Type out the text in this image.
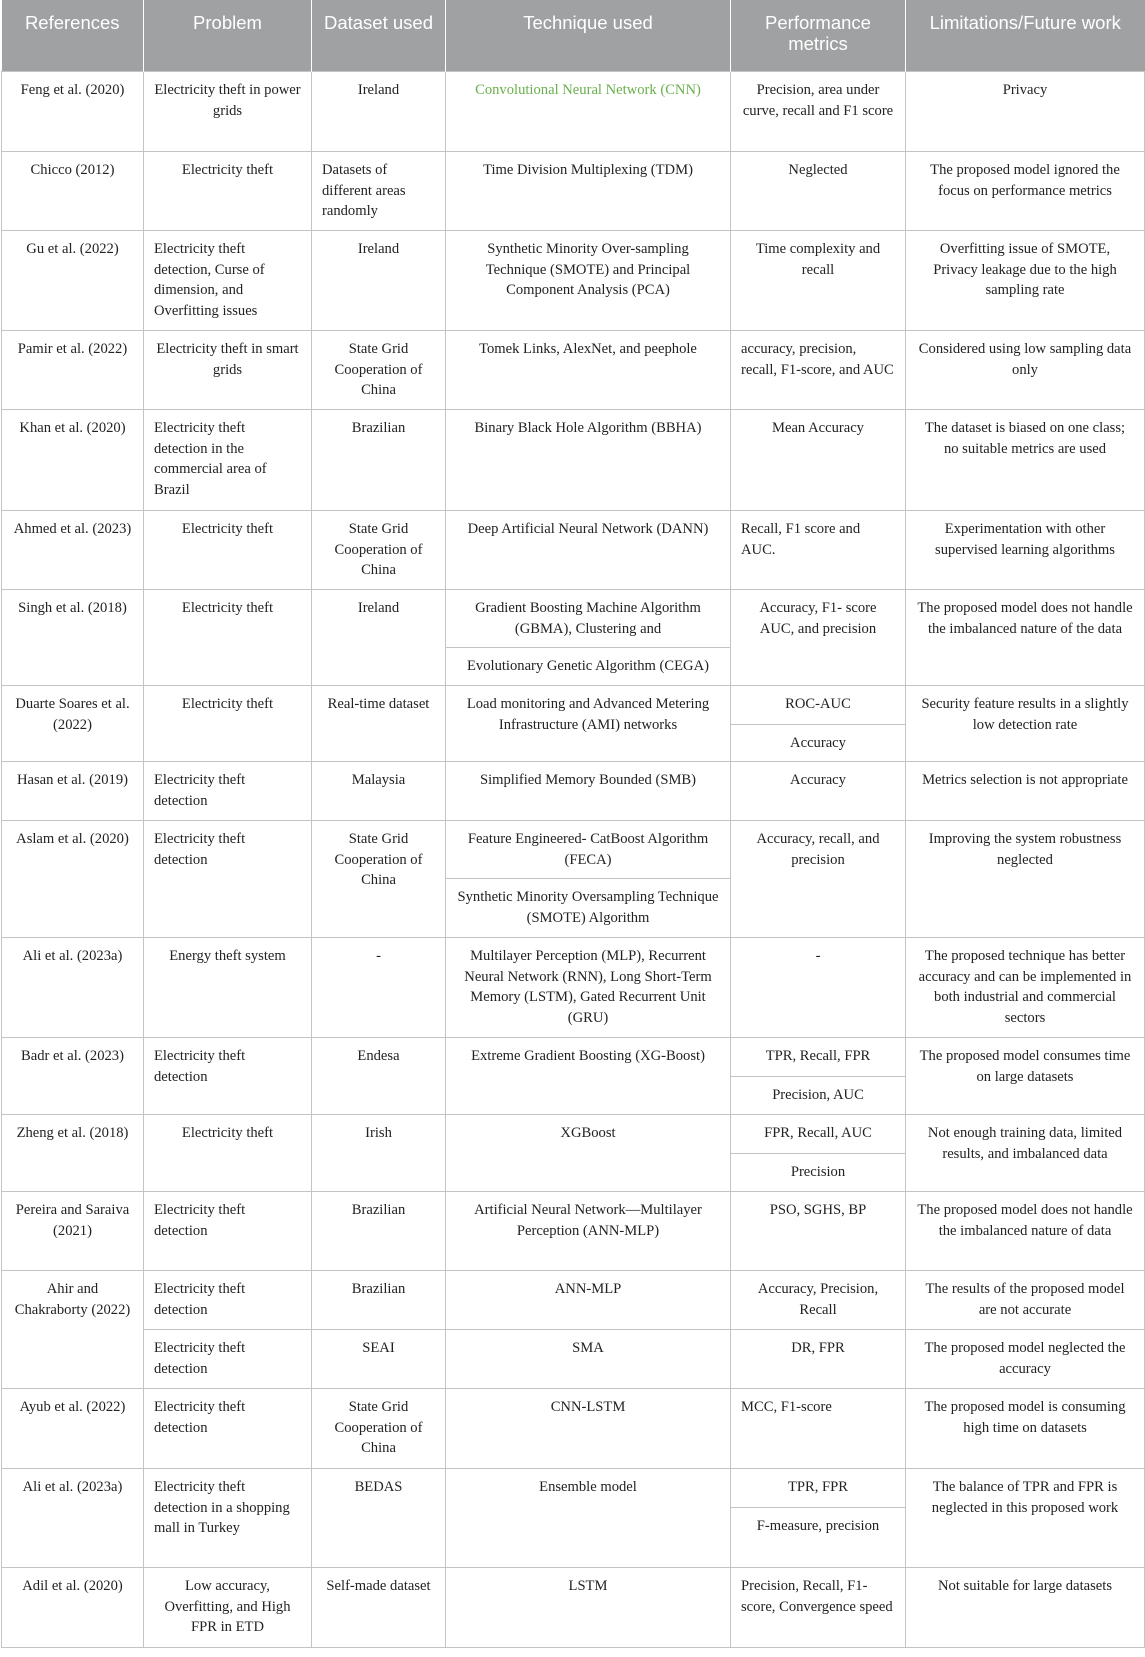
References	Problem	Dataset used	Technique used	Performance metrics	Limitations/Future work
Feng et al. (2020)	Electricity theft in power grids	Ireland	Convolutional Neural Network (CNN)	Precision, area under curve, recall and F1 score	Privacy
Chicco (2012)	Electricity theft	Datasets of different areas randomly	Time Division Multiplexing (TDM)	Neglected	The proposed model ignored the focus on performance metrics
Gu et al. (2022)	Electricity theft detection, Curse of dimension, and Overfitting issues	Ireland	Synthetic Minority Over-sampling Technique (SMOTE) and Principal Component Analysis (PCA)	Time complexity and recall	Overfitting issue of SMOTE, Privacy leakage due to the high sampling rate
Pamir et al. (2022)	Electricity theft in smart grids	State Grid Cooperation of China	Tomek Links, AlexNet, and peephole	accuracy, precision, recall, F1-score, and AUC	Considered using low sampling data only
Khan et al. (2020)	Electricity theft detection in the commercial area of Brazil	Brazilian	Binary Black Hole Algorithm (BBHA)	Mean Accuracy	The dataset is biased on one class; no suitable metrics are used
Ahmed et al. (2023)	Electricity theft	State Grid Cooperation of China	Deep Artificial Neural Network (DANN)	Recall, F1 score and AUC.	Experimentation with other supervised learning algorithms
Singh et al. (2018)	Electricity theft	Ireland	Gradient Boosting Machine Algorithm (GBMA), Clustering and	Accuracy, F1- score AUC, and precision	The proposed model does not handle the imbalanced nature of the data
			Evolutionary Genetic Algorithm (CEGA)		
Duarte Soares et al. (2022)	Electricity theft	Real-time dataset	Load monitoring and Advanced Metering Infrastructure (AMI) networks	ROC-AUC	Security feature results in a slightly low detection rate
				Accuracy	
Hasan et al. (2019)	Electricity theft detection	Malaysia	Simplified Memory Bounded (SMB)	Accuracy	Metrics selection is not appropriate
Aslam et al. (2020)	Electricity theft detection	State Grid Cooperation of China	Feature Engineered- CatBoost Algorithm (FECA)	Accuracy, recall, and precision	Improving the system robustness neglected
			Synthetic Minority Oversampling Technique (SMOTE) Algorithm		
Ali et al. (2023a)	Energy theft system	-	Multilayer Perception (MLP), Recurrent Neural Network (RNN), Long Short-Term Memory (LSTM), Gated Recurrent Unit (GRU)	-	The proposed technique has better accuracy and can be implemented in both industrial and commercial sectors
Badr et al. (2023)	Electricity theft detection	Endesa	Extreme Gradient Boosting (XG-Boost)	TPR, Recall, FPR	The proposed model consumes time on large datasets
				Precision, AUC	
Zheng et al. (2018)	Electricity theft	Irish	XGBoost	FPR, Recall, AUC	Not enough training data, limited results, and imbalanced data
				Precision	
Pereira and Saraiva (2021)	Electricity theft detection	Brazilian	Artificial Neural Network—Multilayer Perception (ANN-MLP)	PSO, SGHS, BP	The proposed model does not handle the imbalanced nature of data
Ahir and Chakraborty (2022)	Electricity theft detection	Brazilian	ANN-MLP	Accuracy, Precision, Recall	The results of the proposed model are not accurate
	Electricity theft detection	SEAI	SMA	DR, FPR	The proposed model neglected the accuracy
Ayub et al. (2022)	Electricity theft detection	State Grid Cooperation of China	CNN-LSTM	MCC, F1-score	The proposed model is consuming high time on datasets
Ali et al. (2023a)	Electricity theft detection in a shopping mall in Turkey	BEDAS	Ensemble model	TPR, FPR	The balance of TPR and FPR is neglected in this proposed work
				F-measure, precision	
Adil et al. (2020)	Low accuracy, Overfitting, and High FPR in ETD	Self-made dataset	LSTM	Precision, Recall, F1-score, Convergence speed	Not suitable for large datasets
